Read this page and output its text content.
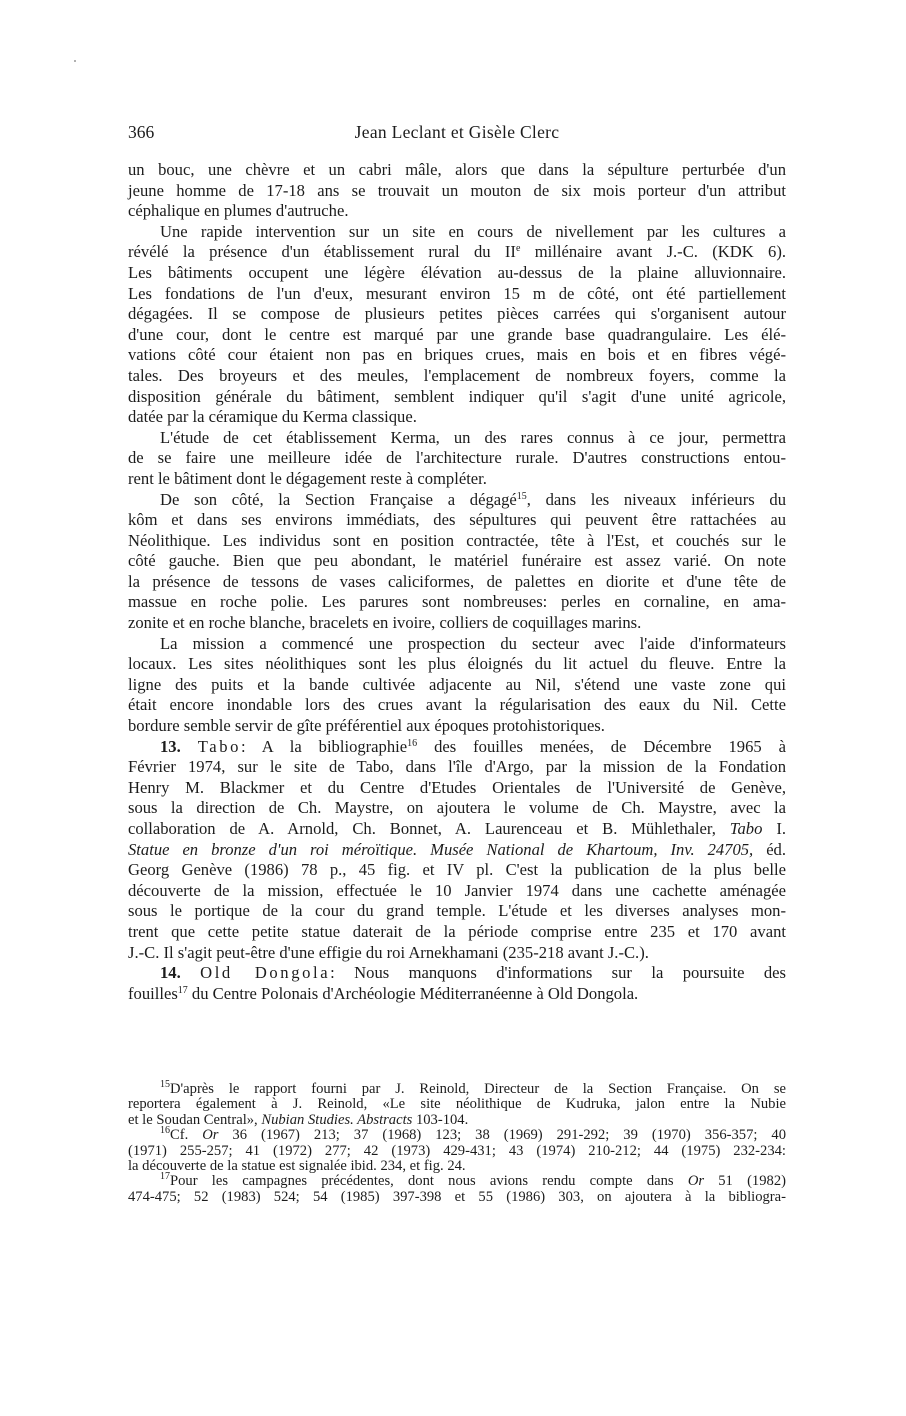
366	Jean Leclant et Gisèle Clerc
un bouc, une chèvre et un cabri mâle, alors que dans la sépulture perturbée d'un
jeune homme de 17-18 ans se trouvait un mouton de six mois porteur d'un attribut
céphalique en plumes d'autruche.
Une rapide intervention sur un site en cours de nivellement par les cultures a
révélé la présence d'un établissement rural du IIe millénaire avant J.-C. (KDK 6).
Les bâtiments occupent une légère élévation au-dessus de la plaine alluvionnaire.
Les fondations de l'un d'eux, mesurant environ 15 m de côté, ont été partiellement
dégagées. Il se compose de plusieurs petites pièces carrées qui s'organisent autour
d'une cour, dont le centre est marqué par une grande base quadrangulaire. Les élé-
vations côté cour étaient non pas en briques crues, mais en bois et en fibres végé-
tales. Des broyeurs et des meules, l'emplacement de nombreux foyers, comme la
disposition générale du bâtiment, semblent indiquer qu'il s'agit d'une unité agricole,
datée par la céramique du Kerma classique.
L'étude de cet établissement Kerma, un des rares connus à ce jour, permettra
de se faire une meilleure idée de l'architecture rurale. D'autres constructions entou-
rent le bâtiment dont le dégagement reste à compléter.
De son côté, la Section Française a dégagé$^{15}$, dans les niveaux inférieurs du
kôm et dans ses environs immédiats, des sépultures qui peuvent être rattachées au
Néolithique. Les individus sont en position contractée, tête à l'Est, et couchés sur le
côté gauche. Bien que peu abondant, le matériel funéraire est assez varié. On note
la présence de tessons de vases caliciformes, de palettes en diorite et d'une tête de
massue en roche polie. Les parures sont nombreuses: perles en cornaline, en ama-
zonite et en roche blanche, bracelets en ivoire, colliers de coquillages marins.
La mission a commencé une prospection du secteur avec l'aide d'informateurs
locaux. Les sites néolithiques sont les plus éloignés du lit actuel du fleuve. Entre la
ligne des puits et la bande cultivée adjacente au Nil, s'étend une vaste zone qui
était encore inondable lors des crues avant la régularisation des eaux du Nil. Cette
bordure semble servir de gîte préférentiel aux époques protohistoriques.
13. Tabo: A la bibliographie$^{16}$ des fouilles menées, de Décembre 1965 à
Février 1974, sur le site de Tabo, dans l'île d'Argo, par la mission de la Fondation
Henry M. Blackmer et du Centre d'Etudes Orientales de l'Université de Genève,
sous la direction de Ch. Maystre, on ajoutera le volume de Ch. Maystre, avec la
collaboration de A. Arnold, Ch. Bonnet, A. Laurenceau et B. Mühlethaler, Tabo I.
Statue en bronze d'un roi méroïtique. Musée National de Khartoum, Inv. 24705, éd.
Georg Genève (1986) 78 p., 45 fig. et IV pl. C'est la publication de la plus belle
découverte de la mission, effectuée le 10 Janvier 1974 dans une cachette aménagée
sous le portique de la cour du grand temple. L'étude et les diverses analyses mon-
trent que cette petite statue daterait de la période comprise entre 235 et 170 avant
J.-C. Il s'agit peut-être d'une effigie du roi Arnekhamani (235-218 avant J.-C.).
14. Old Dongola: Nous manquons d'informations sur la poursuite des
fouilles$^{17}$ du Centre Polonais d'Archéologie Méditerranéenne à Old Dongola.
$^{15}$D'après le rapport fourni par J. Reinold, Directeur de la Section Française. On se
reportera également à J. Reinold, «Le site néolithique de Kudruka, jalon entre la Nubie
et le Soudan Central», Nubian Studies. Abstracts 103-104.
$^{16}$Cf. Or 36 (1967) 213; 37 (1968) 123; 38 (1969) 291-292; 39 (1970) 356-357; 40
(1971) 255-257; 41 (1972) 277; 42 (1973) 429-431; 43 (1974) 210-212; 44 (1975) 232-234:
la découverte de la statue est signalée ibid. 234, et fig. 24.
$^{17}$Pour les campagnes précédentes, dont nous avions rendu compte dans Or 51 (1982)
474-475; 52 (1983) 524; 54 (1985) 397-398 et 55 (1986) 303, on ajoutera à la bibliogra-
